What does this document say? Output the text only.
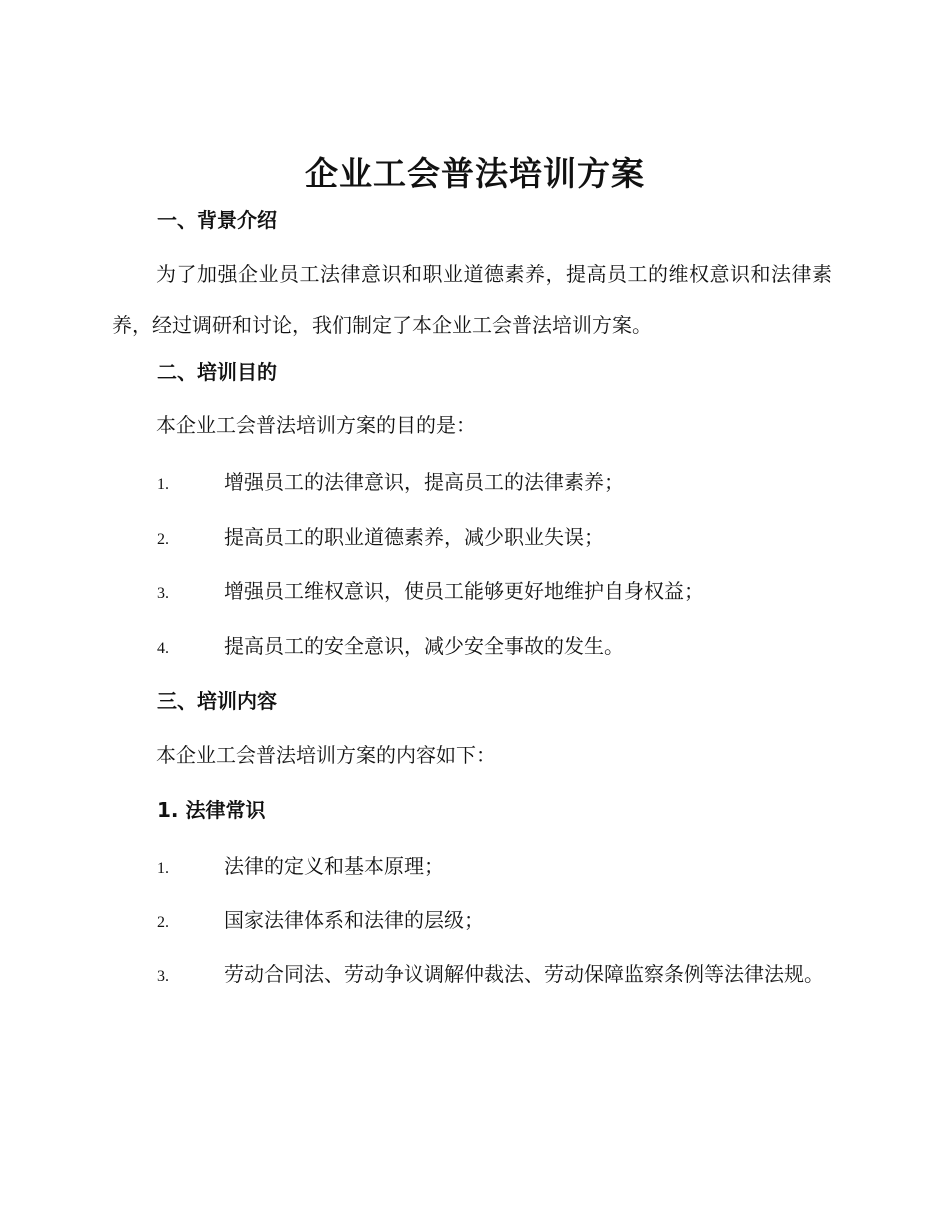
企业工会普法培训方案
一、背景介绍

为了加强企业员工法律意识和职业道德素养，提高员工的维权意识和法律素养，经过调研和讨论，我们制定了本企业工会普法培训方案。

二、培训目的

本企业工会普法培训方案的目的是：

1.	增强员工的法律意识，提高员工的法律素养；
2.	提高员工的职业道德素养，减少职业失误；
3.	增强员工维权意识，使员工能够更好地维护自身权益；
4.	提高员工的安全意识，减少安全事故的发生。
三、培训内容

本企业工会普法培训方案的内容如下：

1. 法律常识
1.	法律的定义和基本原理；
2.	国家法律体系和法律的层级；

3.	劳动合同法、劳动争议调解仲裁法、劳动保障监察条例等法律法规。
